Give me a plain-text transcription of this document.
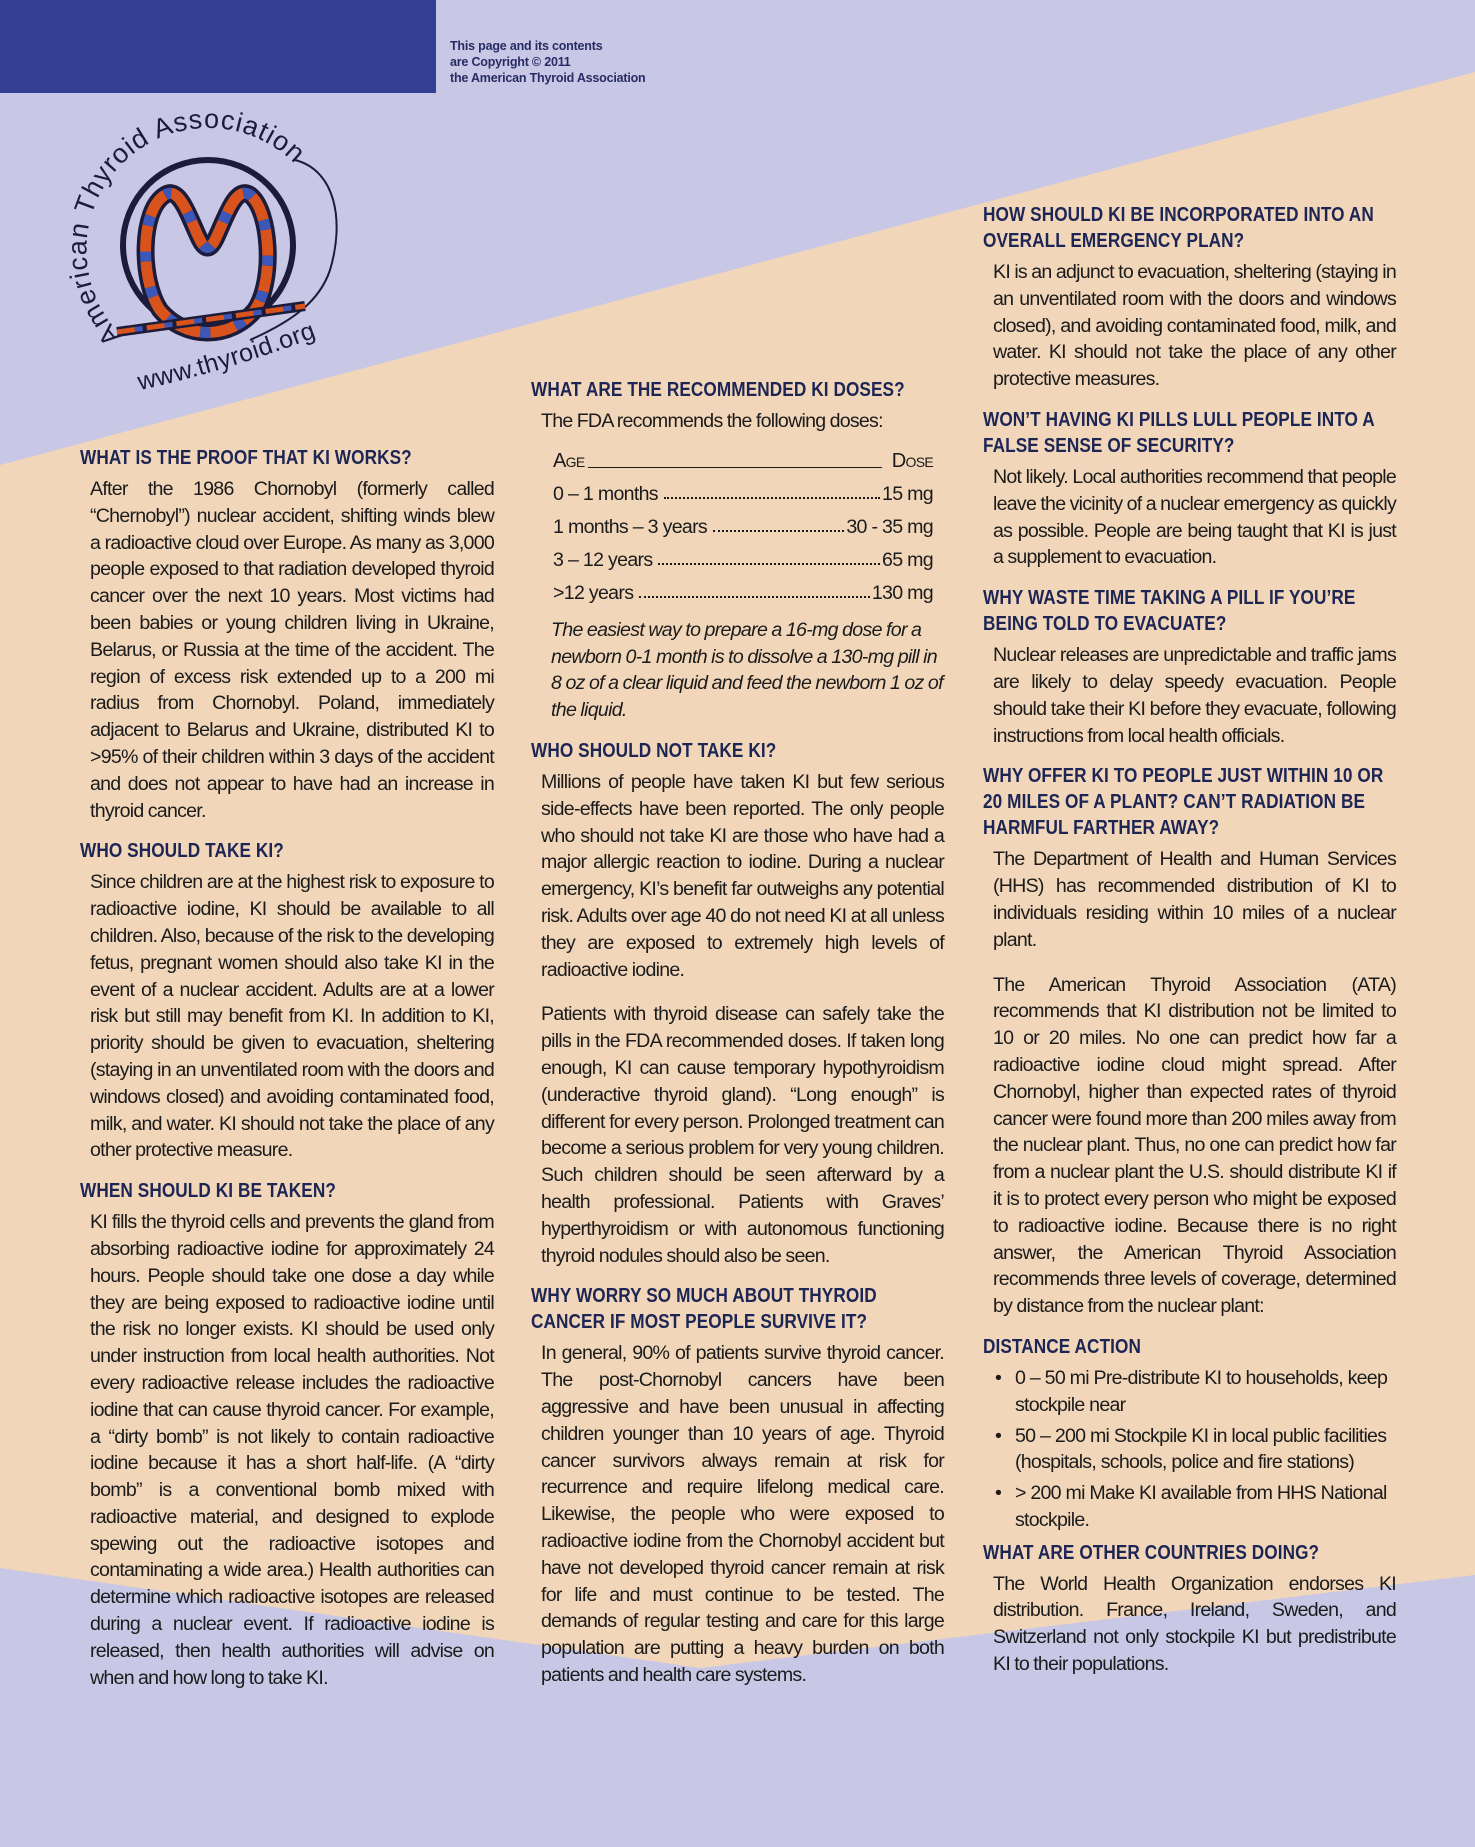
This page and its contents
are Copyright © 2011
the American Thyroid Association
American Thyroid Association
www.thyroid.org
WHAT IS THE PROOF THAT KI WORKS?

After the 1986 Chornobyl (formerly called “Chernobyl”) nuclear accident, shifting winds blew a radioactive cloud over Europe. As many as 3,000 people exposed to that radiation developed thyroid cancer over the next 10 years. Most victims had been babies or young children living in Ukraine, Belarus, or Russia at the time of the accident. The region of excess risk extended up to a 200 mi radius from Chornobyl. Poland, immediately adjacent to Belarus and Ukraine, distributed KI to >95% of their children within 3 days of the accident and does not appear to have had an increase in thyroid cancer.

WHO SHOULD TAKE KI?

Since children are at the highest risk to exposure to radioactive iodine, KI should be available to all children. Also, because of the risk to the developing fetus, pregnant women should also take KI in the event of a nuclear accident. Adults are at a lower risk but still may benefit from KI. In addition to KI, priority should be given to evacuation, sheltering (staying in an unventilated room with the doors and windows closed) and avoiding contaminated food, milk, and water. KI should not take the place of any other protective measure.

WHEN SHOULD KI BE TAKEN?

KI fills the thyroid cells and prevents the gland from absorbing radioactive iodine for approximately 24 hours. People should take one dose a day while they are being exposed to radioactive iodine until the risk no longer exists. KI should be used only under instruction from local health authorities. Not every radioactive release includes the radioactive iodine that can cause thyroid cancer. For example, a “dirty bomb” is not likely to contain radioactive iodine because it has a short half-life. (A “dirty bomb” is a conventional bomb mixed with radioactive material, and designed to explode spewing out the radioactive isotopes and contaminating a wide area.) Health authorities can determine which radioactive isotopes are released during a nuclear event. If radioactive iodine is released, then health authorities will advise on when and how long to take KI.

WHAT ARE THE RECOMMENDED KI DOSES?

The FDA recommends the following doses:

Age	Dose
0 – 1 months	15 mg
1 months – 3 years	30 - 35 mg
3 – 12 years	65 mg
>12 years	130 mg

The easiest way to prepare a 16-mg dose for a newborn 0-1 month is to dissolve a 130-mg pill in 8 oz of a clear liquid and feed the newborn 1 oz of the liquid.

WHO SHOULD NOT TAKE KI?

Millions of people have taken KI but few serious side-effects have been reported. The only people who should not take KI are those who have had a major allergic reaction to iodine. During a nuclear emergency, KI’s benefit far outweighs any potential risk. Adults over age 40 do not need KI at all unless they are exposed to extremely high levels of radioactive iodine.

Patients with thyroid disease can safely take the pills in the FDA recommended doses. If taken long enough, KI can cause temporary hypothyroidism (underactive thyroid gland). “Long enough” is different for every person. Prolonged treatment can become a serious problem for very young children. Such children should be seen afterward by a health professional. Patients with Graves’ hyperthyroidism or with autonomous functioning thyroid nodules should also be seen.

WHY WORRY SO MUCH ABOUT THYROID CANCER IF MOST PEOPLE SURVIVE IT?

In general, 90% of patients survive thyroid cancer. The post-Chornobyl cancers have been aggressive and have been unusual in affecting children younger than 10 years of age. Thyroid cancer survivors always remain at risk for recurrence and require lifelong medical care. Likewise, the people who were exposed to radioactive iodine from the Chornobyl accident but have not developed thyroid cancer remain at risk for life and must continue to be tested. The demands of regular testing and care for this large population are putting a heavy burden on both patients and health care systems.

HOW SHOULD KI BE INCORPORATED INTO AN OVERALL EMERGENCY PLAN?

KI is an adjunct to evacuation, sheltering (staying in an unventilated room with the doors and windows closed), and avoiding contaminated food, milk, and water. KI should not take the place of any other protective measures.

WON’T HAVING KI PILLS LULL PEOPLE INTO A FALSE SENSE OF SECURITY?

Not likely. Local authorities recommend that people leave the vicinity of a nuclear emergency as quickly as possible. People are being taught that KI is just a supplement to evacuation.

WHY WASTE TIME TAKING A PILL IF YOU’RE BEING TOLD TO EVACUATE?

Nuclear releases are unpredictable and traffic jams are likely to delay speedy evacuation. People should take their KI before they evacuate, following instructions from local health officials.

WHY OFFER KI TO PEOPLE JUST WITHIN 10 OR 20 MILES OF A PLANT? CAN’T RADIATION BE HARMFUL FARTHER AWAY?

The Department of Health and Human Services (HHS) has recommended distribution of KI to individuals residing within 10 miles of a nuclear plant.

The American Thyroid Association (ATA) recommends that KI distribution not be limited to 10 or 20 miles. No one can predict how far a radioactive iodine cloud might spread. After Chornobyl, higher than expected rates of thyroid cancer were found more than 200 miles away from the nuclear plant. Thus, no one can predict how far from a nuclear plant the U.S. should distribute KI if it is to protect every person who might be exposed to radioactive iodine. Because there is no right answer, the American Thyroid Association recommends three levels of coverage, determined by distance from the nuclear plant:

DISTANCE ACTION
• 0 – 50 mi Pre-distribute KI to households, keep stockpile near
• 50 – 200 mi Stockpile KI in local public facilities (hospitals, schools, police and fire stations)
• > 200 mi Make KI available from HHS National stockpile.
WHAT ARE OTHER COUNTRIES DOING?

The World Health Organization endorses KI distribution. France, Ireland, Sweden, and Switzerland not only stockpile KI but predistribute KI to their populations.
